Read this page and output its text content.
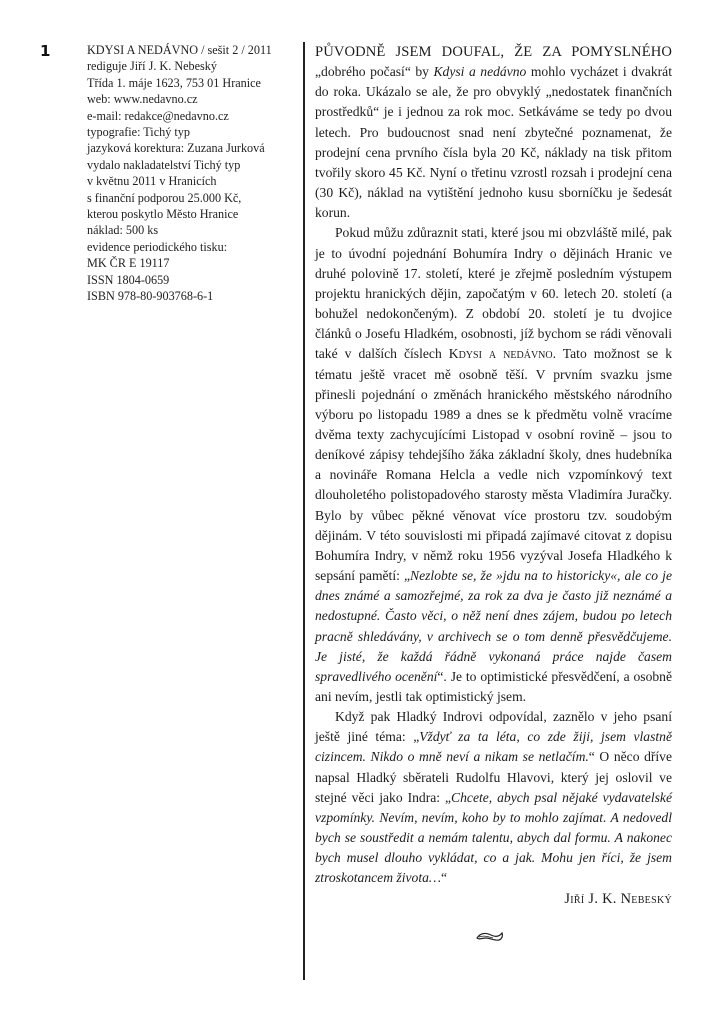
1	KDYSI A NEDÁVNO / sešit 2 / 2011
rediguje Jiří J. K. Nebeský
Třída 1. máje 1623, 753 01 Hranice
web: www.nedavno.cz
e-mail: redakce@nedavno.cz
typografie: Tichý typ
jazyková korektura: Zuzana Jurková
vydalo nakladatelství Tichý typ
v květnu 2011 v Hranicích
s finanční podporou 25.000 Kč,
kterou poskytlo Město Hranice
náklad: 500 ks
evidence periodického tisku:
MK ČR E 19117
ISSN 1804-0659
ISBN 978-80-903768-6-1

PŮVODNĚ JSEM DOUFAL, ŽE ZA POMYSLNÉHO „dobrého počasí“ by Kdysi a nedávno mohlo vycházet i dvakrát do roka. Ukázalo se ale, že pro obvyklý „nedostatek finančních prostředků“ je i jednou za rok moc. Setkáváme se tedy po dvou letech. Pro budoucnost snad není zbytečné poznamenat, že prodejní cena prvního čísla byla 20 Kč, náklady na tisk přitom tvořily skoro 45 Kč. Nyní o třetinu vzrostl rozsah i prodejní cena (30 Kč), náklad na vytištění jednoho kusu sborníčku je šedesát korun.

Pokud můžu zdůraznit stati, které jsou mi obzvláště milé, pak je to úvodní pojednání Bohumíra Indry o dějinách Hranic ve druhé polovině 17. století, které je zřejmě posledním výstupem projektu hranických dějin, započatým v 60. letech 20. století (a bohužel nedokončeným). Z období 20. století je tu dvojice článků o Josefu Hladkém, osobnosti, jíž bychom se rádi věnovali také v dalších číslech Kdysi a nedávno. Tato možnost se k tématu ještě vracet mě osobně těší. V prvním svazku jsme přinesli pojednání o změnách hranického městského národního výboru po listopadu 1989 a dnes se k předmětu volně vracíme dvěma texty zachycujícími Listopad v osobní rovině – jsou to deníkové zápisy tehdejšího žáka základní školy, dnes hudebníka a novináře Romana Helcla a vedle nich vzpomínkový text dlouholetého polistopadového starosty města Vladimíra Juračky. Bylo by vůbec pěkné věnovat více prostoru tzv. soudobým dějinám. V této souvislosti mi připadá zajímavé citovat z dopisu Bohumíra Indry, v němž roku 1956 vyzýval Josefa Hladkého k sepsání pamětí: „Nezlobte se, že »jdu na to historicky«, ale co je dnes známé a samozřejmé, za rok za dva je často již neznámé a nedostupné. Často věci, o něž není dnes zájem, budou po letech pracně shledávány, v archivech se o tom denně přesvědčujeme. Je jisté, že každá řádně vykonaná práce najde časem spravedlivého ocenění“. Je to optimistické přesvědčení, a osobně ani nevím, jestli tak optimistický jsem.

Když pak Hladký Indrovi odpovídal, zaznělo v jeho psaní ještě jiné téma: „Vždyť za ta léta, co zde žiji, jsem vlastně cizincem. Nikdo o mně neví a nikam se netlačím.“ O něco dříve napsal Hladký sběrateli Rudolfu Hlavovi, který jej oslovil ve stejné věci jako Indra: „Chcete, abych psal nějaké vydavatelské vzpomínky. Nevím, nevím, koho by to mohlo zajímat. A nedovedl bych se soustředit a nemám talentu, abych dal formu. A nakonec bych musel dlouho vykládat, co a jak. Mohu jen říci, že jsem ztroskotancem života…“

Jiří J. K. Nebeský
